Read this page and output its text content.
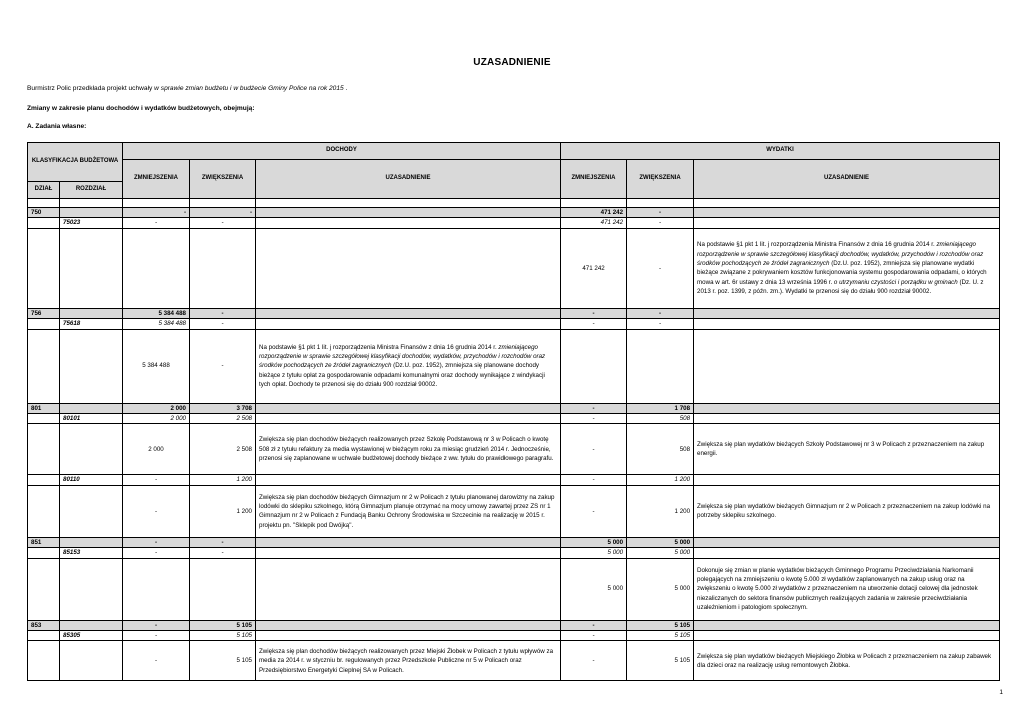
UZASADNIENIE
Burmistrz Polic przedkłada projekt uchwały w sprawie zmian budżetu i w budżecie Gminy Police na rok 2015 .
Zmiany w zakresie planu dochodów i wydatków budżetowych, obejmują:
A. Zadania własne:
KLASYFIKACJA BUDŻETOWA		DOCHODY			WYDATKI		
		ZMNIEJSZENIA	ZWIĘKSZENIA	UZASADNIENIE	ZMNIEJSZENIA	ZWIĘKSZENIA	UZASADNIENIE
DZIAŁ	ROZDZIAŁ						

750		-	-		471 242	-	
	75023	-	-		471 242	-	
					471 242	-	Na podstawie §1 pkt 1 lit. j rozporządzenia Ministra Finansów z dnia 16 grudnia 2014 r. zmieniającego rozporządzenie w sprawie szczegółowej klasyfikacji dochodów, wydatków, przychodów i rozchodów oraz środków pochodzących ze źródeł zagranicznych (Dz.U. poz. 1952), zmniejsza się planowane wydatki bieżące związane z pokrywaniem kosztów funkcjonowania systemu gospodarowania odpadami, o których mowa w art. 6r ustawy z dnia 13 września 1996 r. o utrzymaniu czystości i porządku w gminach (Dz. U. z 2013 r. poz. 1399, z późn. zm.). Wydatki te przenosi się do działu 900 rozdział 90002.
756		5 384 488	-		-	-	
	75618	5 384 488	-		-	-	
		5 384 488	-	Na podstawie §1 pkt 1 lit. j rozporządzenia Ministra Finansów z dnia 16 grudnia 2014 r. zmieniającego rozporządzenie w sprawie szczegółowej klasyfikacji dochodów, wydatków, przychodów i rozchodów oraz środków pochodzących ze źródeł zagranicznych (Dz.U. poz. 1952), zmniejsza się planowane dochody bieżące z tytułu opłat za gospodarowanie odpadami komunalnymi oraz dochody wynikające z windykacji tych opłat. Dochody te przenosi się do działu 900 rozdział 90002.			
801		2 000	3 708		-	1 708	
	80101	2 000	2 508		-	508	
		2 000	2 508	Zwiększa się plan dochodów bieżących realizowanych przez Szkołę Podstawową nr 3 w Policach o kwotę 508 zł z tytułu refaktury za media wystawionej w bieżącym roku za miesiąc grudzień 2014 r. Jednocześnie, przenosi się zaplanowane w uchwale budżetowej dochody bieżące z ww. tytułu do prawidłowego paragrafu.	-	508	Zwiększa się plan wydatków bieżących Szkoły Podstawowej nr 3 w Policach z przeznaczeniem na zakup energii.
	80110	-	1 200		-	1 200	
		-	1 200	Zwiększa się plan dochodów bieżących Gimnazjum nr 2 w Policach z tytułu planowanej darowizny na zakup lodówki do sklepiku szkolnego, którą Gimnazjum planuje otrzymać na mocy umowy zawartej przez ZS nr 1 Gimnazjum nr 2 w Policach z Fundacją Banku Ochrony Środowiska w Szczecinie na realizację w 2015 r. projektu pn. "Sklepik pod Dwójką".	-	1 200	Zwiększa się plan wydatków bieżących Gimnazjum nr 2 w Policach z przeznaczeniem na zakup lodówki na potrzeby sklepiku szkolnego.
851		-	-		5 000	5 000	
	85153	-	-		5 000	5 000	
					5 000	5 000	Dokonuje się zmian w planie wydatków bieżących Gminnego Programu Przeciwdziałania Narkomanii polegających na zmniejszeniu o kwotę 5.000 zł wydatków zaplanowanych na zakup usług oraz na zwiększeniu o kwotę 5.000 zł wydatków z przeznaczeniem na utworzenie dotacji celowej dla jednostek niezaliczanych do sektora finansów publicznych realizujących zadania w zakresie przeciwdziałania uzależnieniom i patologiom społecznym.
853		-	5 105		-	5 105	
	85305	-	5 105		-	5 105	
		-	5 105	Zwiększa się plan dochodów bieżących realizowanych przez Miejski Żłobek w Policach z tytułu wpływów za media za 2014 r. w styczniu br. regulowanych przez Przedszkole Publiczne nr 5 w Policach oraz Przedsiębiorstwo Energetyki Cieplnej SA w Policach.	-	5 105	Zwiększa się plan wydatków bieżących Miejskiego Żłobka w Policach z przeznaczeniem na zakup zabawek dla dzieci oraz na realizację usług remontowych Żłobka.
1
